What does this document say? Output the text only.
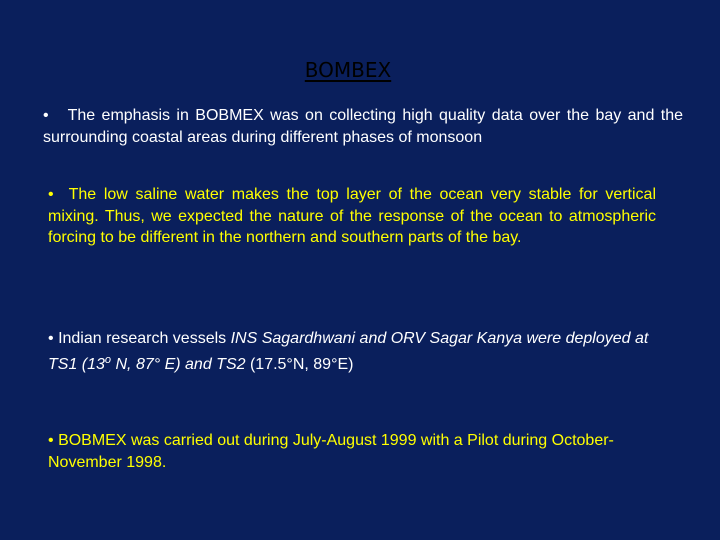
BOMBEX
• The emphasis in BOBMEX was on collecting high quality data over the bay and the surrounding coastal areas during different phases of monsoon
• The low saline water makes the top layer of the ocean very stable for vertical mixing. Thus, we expected the nature of the response of the ocean to atmospheric forcing to be different in the northern and southern parts of the bay.
• Indian research vessels INS Sagardhwani and ORV Sagar Kanya were deployed at TS1 (13$^o$ N, 87° E) and TS2 (17.5°N, 89°E)
• BOBMEX was carried out during July-August 1999 with a Pilot during October-November 1998.
